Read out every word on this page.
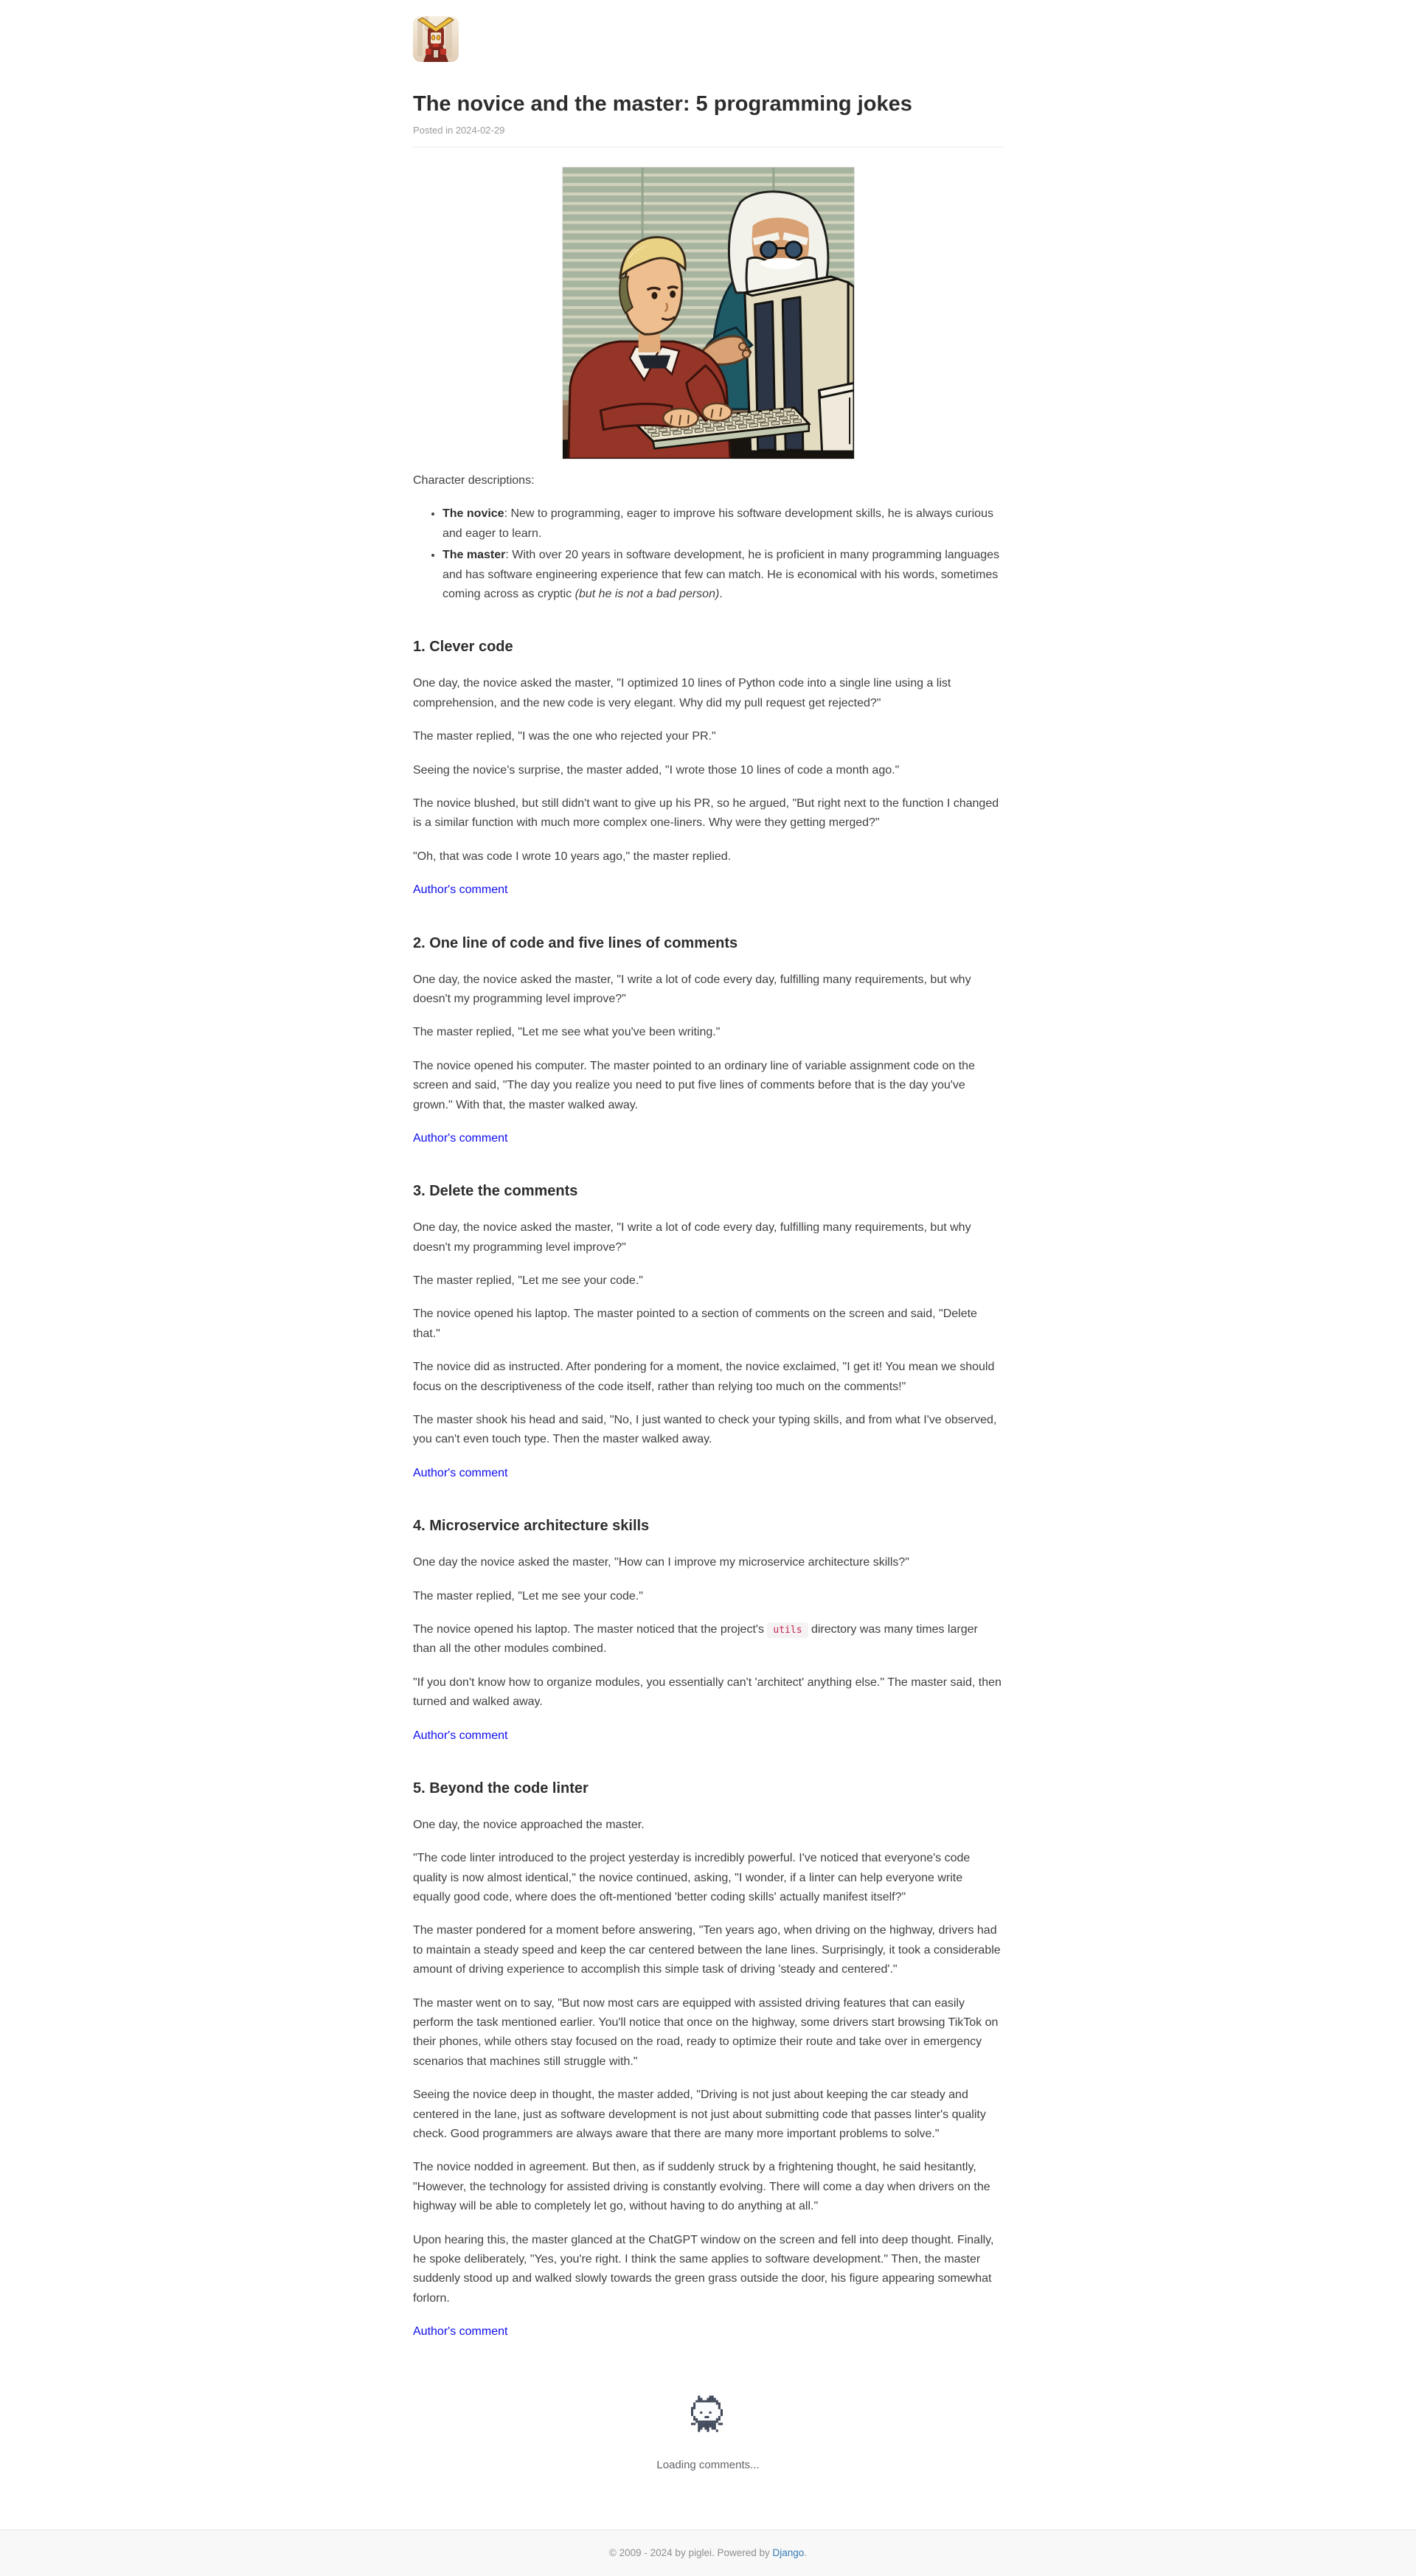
The novice and the master: 5 programming jokes

Posted in 2024-02-29

Character descriptions:

• The novice: New to programming, eager to improve his software development skills, he is always curious and eager to learn.
• The master: With over 20 years in software development, he is proficient in many programming languages and has software engineering experience that few can match. He is economical with his words, sometimes coming across as cryptic (but he is not a bad person).
1. Clever code

One day, the novice asked the master, "I optimized 10 lines of Python code into a single line using a list comprehension, and the new code is very elegant. Why did my pull request get rejected?"

The master replied, "I was the one who rejected your PR."

Seeing the novice's surprise, the master added, "I wrote those 10 lines of code a month ago."

The novice blushed, but still didn't want to give up his PR, so he argued, "But right next to the function I changed is a similar function with much more complex one-liners. Why were they getting merged?"

"Oh, that was code I wrote 10 years ago," the master replied.

Author's comment

2. One line of code and five lines of comments

One day, the novice asked the master, "I write a lot of code every day, fulfilling many requirements, but why doesn't my programming level improve?"

The master replied, "Let me see what you've been writing."

The novice opened his computer. The master pointed to an ordinary line of variable assignment code on the screen and said, "The day you realize you need to put five lines of comments before that is the day you've grown." With that, the master walked away.

Author's comment

3. Delete the comments

One day, the novice asked the master, "I write a lot of code every day, fulfilling many requirements, but why doesn't my programming level improve?"

The master replied, "Let me see your code."

The novice opened his laptop. The master pointed to a section of comments on the screen and said, "Delete that."

The novice did as instructed. After pondering for a moment, the novice exclaimed, "I get it! You mean we should focus on the descriptiveness of the code itself, rather than relying too much on the comments!"

The master shook his head and said, "No, I just wanted to check your typing skills, and from what I've observed, you can't even touch type. Then the master walked away.

Author's comment

4. Microservice architecture skills

One day the novice asked the master, "How can I improve my microservice architecture skills?"

The master replied, "Let me see your code."

The novice opened his laptop. The master noticed that the project's utils directory was many times larger than all the other modules combined.

"If you don't know how to organize modules, you essentially can't 'architect' anything else." The master said, then turned and walked away.

Author's comment

5. Beyond the code linter

One day, the novice approached the master.

"The code linter introduced to the project yesterday is incredibly powerful. I've noticed that everyone's code quality is now almost identical," the novice continued, asking, "I wonder, if a linter can help everyone write equally good code, where does the oft-mentioned 'better coding skills' actually manifest itself?"

The master pondered for a moment before answering, "Ten years ago, when driving on the highway, drivers had to maintain a steady speed and keep the car centered between the lane lines. Surprisingly, it took a considerable amount of driving experience to accomplish this simple task of driving 'steady and centered'."

The master went on to say, "But now most cars are equipped with assisted driving features that can easily perform the task mentioned earlier. You'll notice that once on the highway, some drivers start browsing TikTok on their phones, while others stay focused on the road, ready to optimize their route and take over in emergency scenarios that machines still struggle with."

Seeing the novice deep in thought, the master added, "Driving is not just about keeping the car steady and centered in the lane, just as software development is not just about submitting code that passes linter's quality check. Good programmers are always aware that there are many more important problems to solve."

The novice nodded in agreement. But then, as if suddenly struck by a frightening thought, he said hesitantly, "However, the technology for assisted driving is constantly evolving. There will come a day when drivers on the highway will be able to completely let go, without having to do anything at all."

Upon hearing this, the master glanced at the ChatGPT window on the screen and fell into deep thought. Finally, he spoke deliberately, "Yes, you're right. I think the same applies to software development." Then, the master suddenly stood up and walked slowly towards the green grass outside the door, his figure appearing somewhat forlorn.

Author's comment

Loading comments...

© 2009 - 2024 by piglei. Powered by Django.
